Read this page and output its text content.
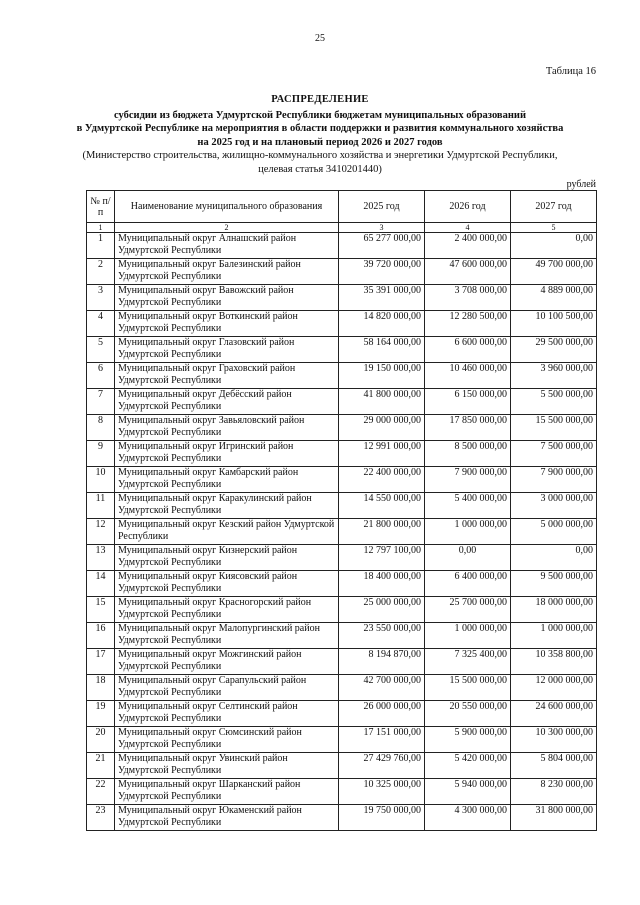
25
Таблица 16
РАСПРЕДЕЛЕНИЕ
субсидии из бюджета Удмуртской Республики бюджетам муниципальных образований
в Удмуртской Республике на мероприятия в области поддержки и развития коммунального хозяйства
на 2025 год и на плановый период 2026 и 2027 годов
(Министерство строительства, жилищно-коммунального хозяйства и энергетики Удмуртской Республики,
целевая статья 3410201440)
рублей
№ п/п	Наименование муниципального образования	2025 год	2026 год	2027 год
1	2	3	4	5
1	Муниципальный округ Алнашский район Удмуртской Республики	65 277 000,00	2 400 000,00	0,00
2	Муниципальный округ Балезинский район Удмуртской Республики	39 720 000,00	47 600 000,00	49 700 000,00
3	Муниципальный округ Вавожский район Удмуртской Республики	35 391 000,00	3 708 000,00	4 889 000,00
4	Муниципальный округ Воткинский район Удмуртской Республики	14 820 000,00	12 280 500,00	10 100 500,00
5	Муниципальный округ Глазовский район Удмуртской Республики	58 164 000,00	6 600 000,00	29 500 000,00
6	Муниципальный округ Граховский район Удмуртской Республики	19 150 000,00	10 460 000,00	3 960 000,00
7	Муниципальный округ Дебёсский район Удмуртской Республики	41 800 000,00	6 150 000,00	5 500 000,00
8	Муниципальный округ Завьяловский район Удмуртской Республики	29 000 000,00	17 850 000,00	15 500 000,00
9	Муниципальный округ Игринский район Удмуртской Республики	12 991 000,00	8 500 000,00	7 500 000,00
10	Муниципальный округ Камбарский район Удмуртской Республики	22 400 000,00	7 900 000,00	7 900 000,00
11	Муниципальный округ Каракулинский район Удмуртской Республики	14 550 000,00	5 400 000,00	3 000 000,00
12	Муниципальный округ Кезский район Удмуртской Республики	21 800 000,00	1 000 000,00	5 000 000,00
13	Муниципальный округ Кизнерский район Удмуртской Республики	12 797 100,00	0,00	0,00
14	Муниципальный округ Киясовский район Удмуртской Республики	18 400 000,00	6 400 000,00	9 500 000,00
15	Муниципальный округ Красногорский район Удмуртской Республики	25 000 000,00	25 700 000,00	18 000 000,00
16	Муниципальный округ Малопургинский район Удмуртской Республики	23 550 000,00	1 000 000,00	1 000 000,00
17	Муниципальный округ Можгинский район Удмуртской Республики	8 194 870,00	7 325 400,00	10 358 800,00
18	Муниципальный округ Сарапульский район Удмуртской Республики	42 700 000,00	15 500 000,00	12 000 000,00
19	Муниципальный округ Селтинский район Удмуртской Республики	26 000 000,00	20 550 000,00	24 600 000,00
20	Муниципальный округ Сюмсинский район Удмуртской Республики	17 151 000,00	5 900 000,00	10 300 000,00
21	Муниципальный округ Увинский район Удмуртской Республики	27 429 760,00	5 420 000,00	5 804 000,00
22	Муниципальный округ Шарканский район Удмуртской Республики	10 325 000,00	5 940 000,00	8 230 000,00
23	Муниципальный округ Юкаменский район Удмуртской Республики	19 750 000,00	4 300 000,00	31 800 000,00
